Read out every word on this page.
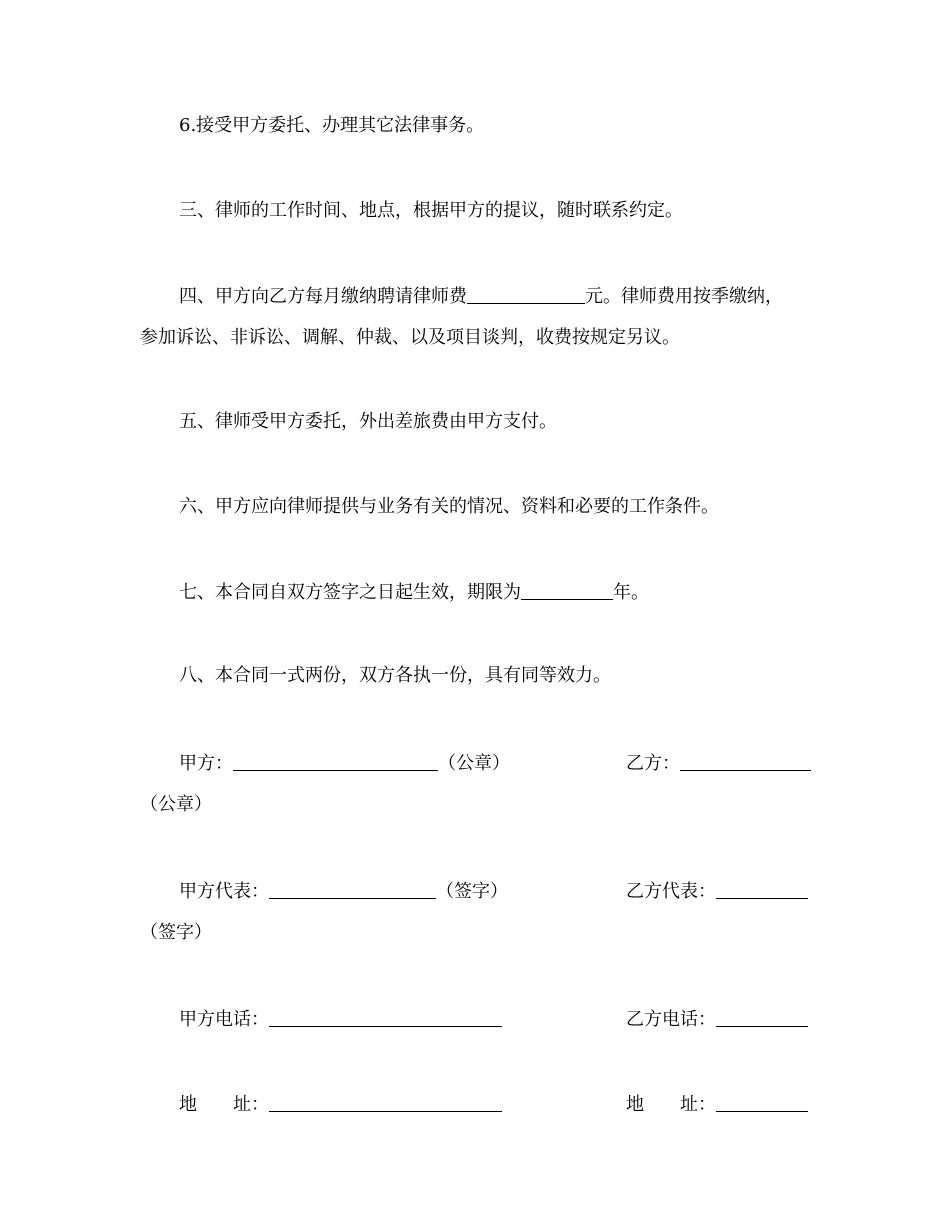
6.接受甲方委托、办理其它法律事务。
三、律师的工作时间、地点，根据甲方的提议，随时联系约定。
四、甲方向乙方每月缴纳聘请律师费	元。律师费用按季缴纳，
参加诉讼、非诉讼、调解、仲裁、以及项目谈判，收费按规定另议。
五、律师受甲方委托，外出差旅费由甲方支付。
六、甲方应向律师提供与业务有关的情况、资料和必要的工作条件。
七、本合同自双方签字之日起生效，期限为	年。
八、本合同一式两份，双方各执一份，具有同等效力。
甲方：	（公章）	乙方：
（公章）
甲方代表：	（签字）	乙方代表：
（签字）
甲方电话：	乙方电话：
地　　址：	地　　址：
